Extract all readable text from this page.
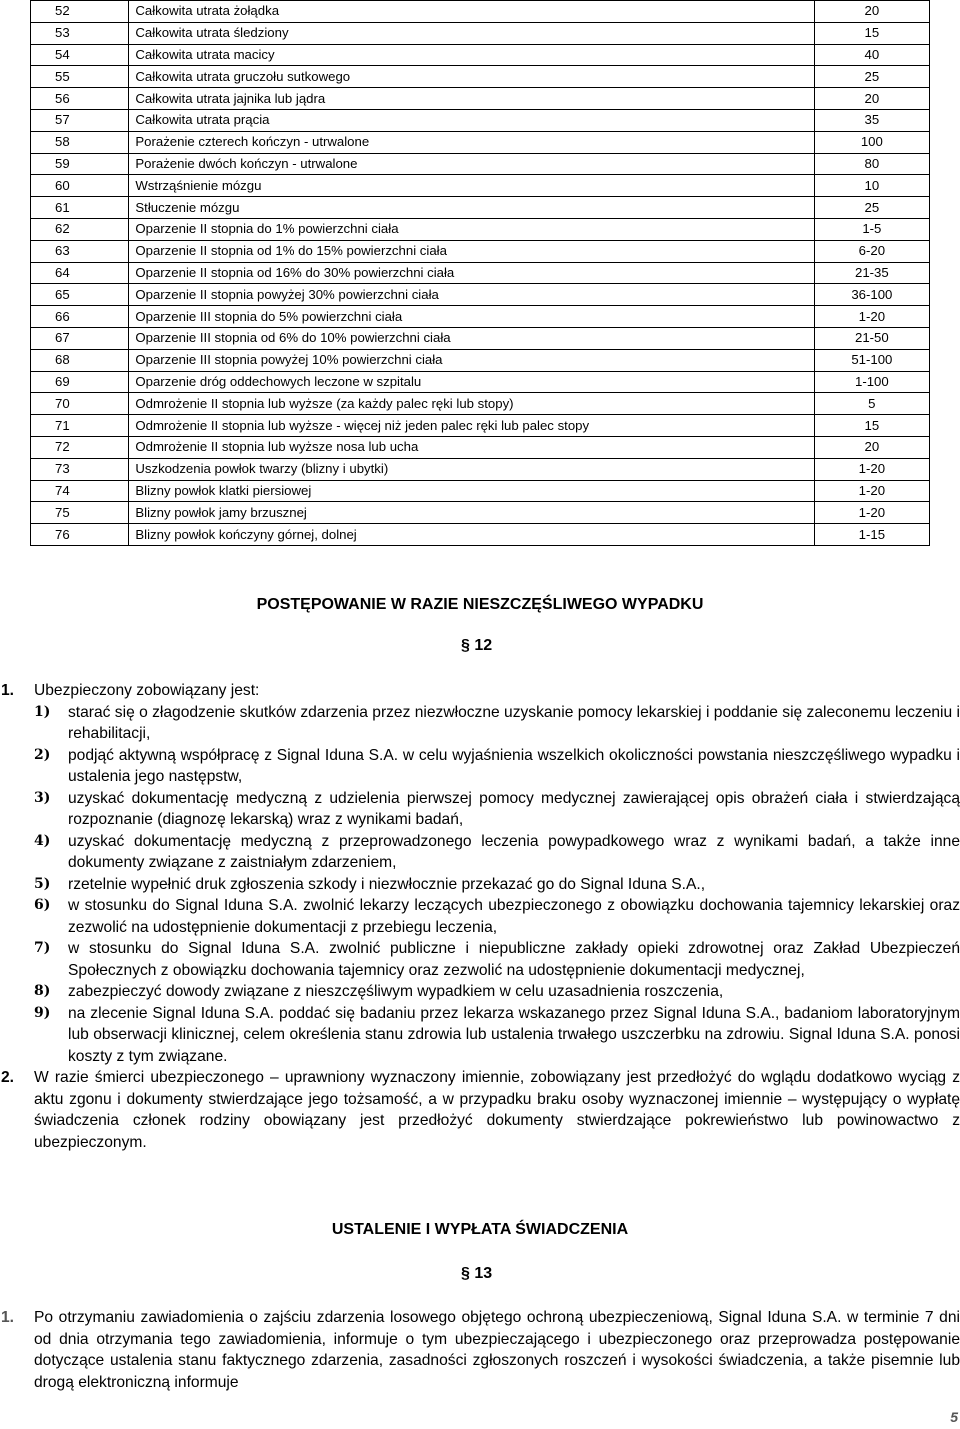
52	Całkowita utrata żołądka	20
53	Całkowita utrata śledziony	15
54	Całkowita utrata macicy	40
55	Całkowita utrata gruczołu sutkowego	25
56	Całkowita utrata jajnika lub jądra	20
57	Całkowita utrata prącia	35
58	Porażenie czterech kończyn - utrwalone	100
59	Porażenie dwóch kończyn - utrwalone	80
60	Wstrząśnienie mózgu	10
61	Stłuczenie mózgu	25
62	Oparzenie II stopnia do 1% powierzchni ciała	1-5
63	Oparzenie II stopnia od 1% do 15% powierzchni ciała	6-20
64	Oparzenie II stopnia od 16% do 30% powierzchni ciała	21-35
65	Oparzenie II stopnia powyżej 30% powierzchni ciała	36-100
66	Oparzenie III stopnia do 5% powierzchni ciała	1-20
67	Oparzenie III stopnia od 6% do 10% powierzchni ciała	21-50
68	Oparzenie III stopnia powyżej 10% powierzchni ciała	51-100
69	Oparzenie dróg oddechowych leczone w szpitalu	1-100
70	Odmrożenie II stopnia lub wyższe (za każdy palec ręki lub stopy)	5
71	Odmrożenie II stopnia lub wyższe - więcej niż jeden palec ręki lub palec stopy	15
72	Odmrożenie II stopnia lub wyższe nosa lub ucha	20
73	Uszkodzenia powłok twarzy (blizny i ubytki)	1-20
74	Blizny powłok klatki piersiowej	1-20
75	Blizny powłok jamy brzusznej	1-20
76	Blizny powłok kończyny górnej, dolnej	1-15
POSTĘPOWANIE W RAZIE NIESZCZĘŚLIWEGO WYPADKU
§ 12
1. Ubezpieczony zobowiązany jest:
1) starać się o złagodzenie skutków zdarzenia przez niezwłoczne uzyskanie pomocy lekarskiej i poddanie się zaleconemu leczeniu i rehabilitacji,
2) podjąć aktywną współpracę z Signal Iduna S.A. w celu wyjaśnienia wszelkich okoliczności powstania nieszczęśliwego wypadku i ustalenia jego następstw,
3) uzyskać dokumentację medyczną z udzielenia pierwszej pomocy medycznej zawierającej opis obrażeń ciała i stwierdzającą rozpoznanie (diagnozę lekarską) wraz z wynikami badań,
4) uzyskać dokumentację medyczną z przeprowadzonego leczenia powypadkowego wraz z wynikami badań, a także inne dokumenty związane z zaistniałym zdarzeniem,
5) rzetelnie wypełnić druk zgłoszenia szkody i niezwłocznie przekazać go do Signal Iduna S.A.,
6) w stosunku do Signal Iduna S.A. zwolnić lekarzy leczących ubezpieczonego z obowiązku dochowania tajemnicy lekarskiej oraz zezwolić na udostępnienie dokumentacji z przebiegu leczenia,
7) w stosunku do Signal Iduna S.A. zwolnić publiczne i niepubliczne zakłady opieki zdrowotnej oraz Zakład Ubezpieczeń Społecznych z obowiązku dochowania tajemnicy oraz zezwolić na udostępnienie dokumentacji medycznej,
8) zabezpieczyć dowody związane z nieszczęśliwym wypadkiem w celu uzasadnienia roszczenia,
9) na zlecenie Signal Iduna S.A. poddać się badaniu przez lekarza wskazanego przez Signal Iduna S.A., badaniom laboratoryjnym lub obserwacji klinicznej, celem określenia stanu zdrowia lub ustalenia trwałego uszczerbku na zdrowiu. Signal Iduna S.A. ponosi koszty z tym związane.
2. W razie śmierci ubezpieczonego – uprawniony wyznaczony imiennie, zobowiązany jest przedłożyć do wglądu dodatkowo wyciąg z aktu zgonu i dokumenty stwierdzające jego tożsamość, a w przypadku braku osoby wyznaczonej imiennie – występujący o wypłatę świadczenia członek rodziny obowiązany jest przedłożyć dokumenty stwierdzające pokrewieństwo lub powinowactwo z ubezpieczonym.
USTALENIE I WYPŁATA ŚWIADCZENIA
§ 13
1. Po otrzymaniu zawiadomienia o zajściu zdarzenia losowego objętego ochroną ubezpieczeniową, Signal Iduna S.A. w terminie 7 dni od dnia otrzymania tego zawiadomienia, informuje o tym ubezpieczającego i ubezpieczonego oraz przeprowadza postępowanie dotyczące ustalenia stanu faktycznego zdarzenia, zasadności zgłoszonych roszczeń i wysokości świadczenia, a także pisemnie lub drogą elektroniczną informuje
5
